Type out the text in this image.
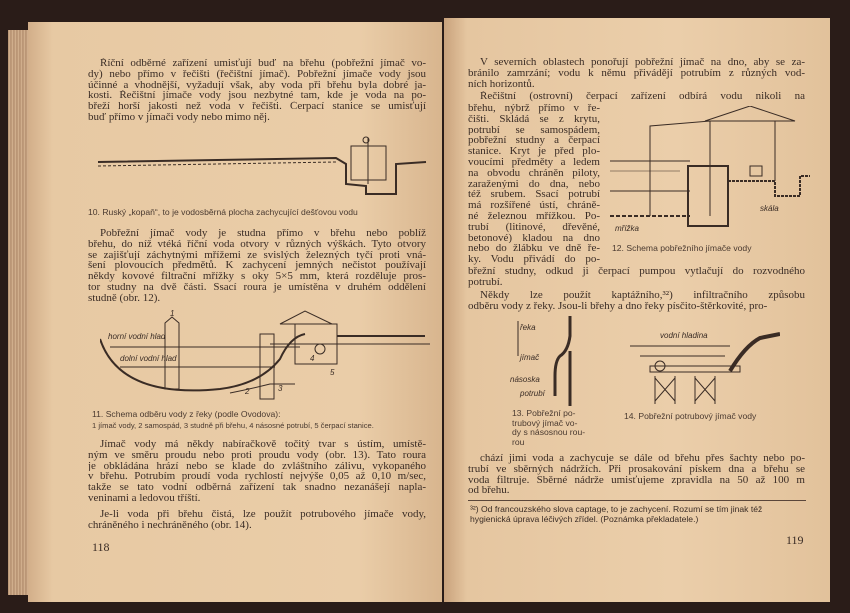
Říční odběrné zařízení umisťují buď na břehu (pobřežní jímač vo-
dy) nebo přímo v řečišti (řečištní jímač). Pobřežní jímače vody jsou
účinné a vhodnější, vyžadují však, aby voda při břehu byla dobré ja-
kosti. Řečištní jímače vody jsou nezbytné tam, kde je voda na po-
břeží horší jakosti než voda v řečišti. Čerpací stanice se umisťují
buď přímo v jímači vody nebo mimo něj.
10. Ruský „kopaň“, to je vodosběrná plocha zachycující dešťovou vodu
Pobřežní jímač vody je studna přímo v břehu nebo poblíž
břehu, do níž vtéká říční voda otvory v různých výškách. Tyto otvory
se zajišťují záchytnými mřížemi ze svislých železných tyčí proti vná-
šení plovoucích předmětů. K zachycení jemných nečistot používají
někdy kovové filtrační mřížky s oky 5×5 mm, která rozděluje pros-
tor studny na dvě části. Ssací roura je umístěna v druhém oddělení
studně (obr. 12).
horní vodní hlad
dolní vodní hlad
1
2	3
4
5
11. Schema odběru vody z řeky (podle Ovodova):
1 jímač vody, 2 samospád, 3 studně při břehu, 4 násosné potrubí, 5 čerpací stanice.
Jímač vody má někdy nabíračkově točitý tvar s ústím, umístě-
ným ve směru proudu nebo proti proudu vody (obr. 13). Tato roura
je obkládána hrází nebo se klade do zvláštního zálivu, vykopaného
v břehu. Potrubím proudí voda rychlostí nejvýše 0,05 až 0,10 m/sec,
takže se tato vodní odběrná zařízení tak snadno nezanášejí napla-
veninami a ledovou tříští.
Je-li voda při břehu čistá, lze použít potrubového jímače vody,
chráněného i nechráněného (obr. 14).
118
V severních oblastech ponořují pobřežní jímač na dno, aby se za-
bránilo zamrzání; vodu k němu přivádějí potrubím z různých vod-
ních horizontů.
Řečištní (ostrovní) čerpací zařízení odbírá vodu nikoli na
břehu, nýbrž přímo v ře-
čišti. Skládá se z krytu,
potrubí se samospádem,
pobřežní studny a čerpací
stanice. Kryt je před plo-
voucími předměty a ledem
na obvodu chráněn piloty,
zaraženými do dna, nebo
též srubem. Ssací potrubí
má rozšířené ústí, chráně-
né železnou mřížkou. Po-
trubí (litinové, dřevěné,
betonové) kladou na dno
nebo do žlábku ve dně ře-
ky. Vodu přivádí do po-
břežní studny, odkud ji čerpací pumpou vytlačují do rozvodného
potrubí.
skála
mřížka
12. Schema pobřežního jímače vody
Někdy lze použít kaptážního,³²) infiltračního způsobu
odběru vody z řeky. Jsou-li břehy a dno řeky písčito-štěrkovité, pro-
řeka
jímač
násoska
potrubí
13. Pobřežní po-
trubový jímač vo-
dy s násosnou rou-
rou
vodní hladina
14. Pobřežní potrubový jímač vody
chází jimi voda a zachycuje se dále od břehu přes šachty nebo po-
trubí ve sběrných nádržích. Při prosakování pískem dna a břehu se
voda filtruje. Sběrné nádrže umisťujeme zpravidla na 50 až 100 m
od břehu.
³²) Od francouzského slova captage, to je zachycení. Rozumí se tím jinak též
hygienická úprava léčivých zřídel. (Poznámka překladatele.)
119
